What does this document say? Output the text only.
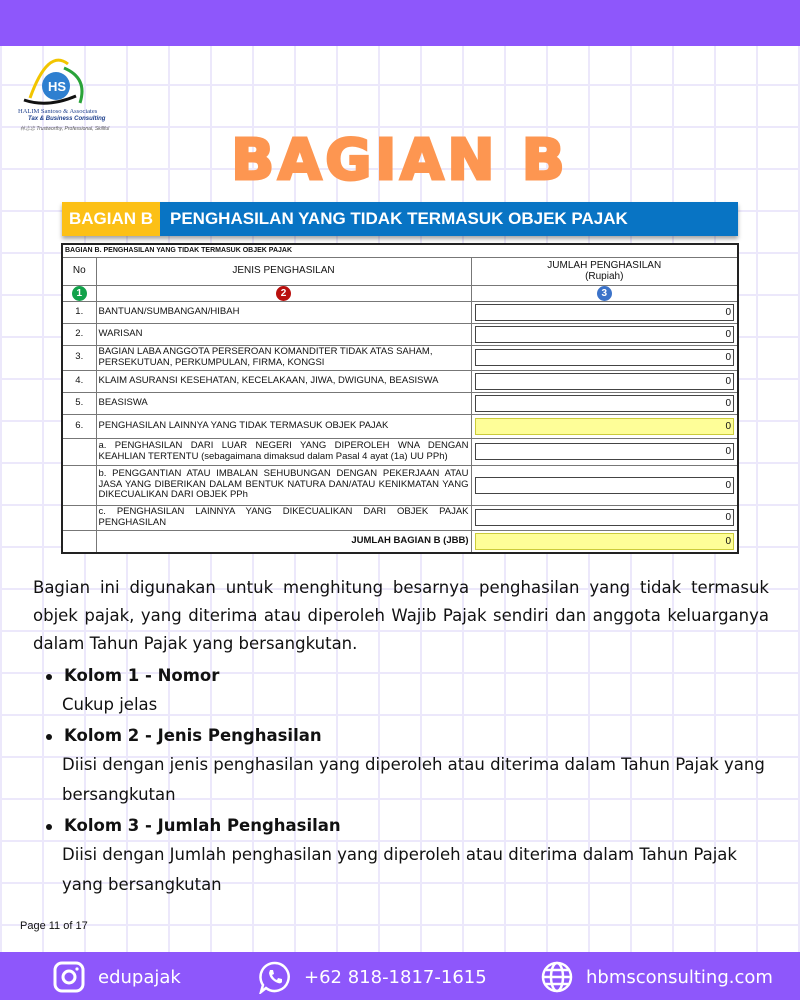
HS
HALIM Santoso & Associates
Tax & Business Consulting
林志忠 Trustworthy, Professional, Skillful	BAGIAN B
BAGIAN B PENGHASILAN YANG TIDAK TERMASUK OBJEK PAJAK
BAGIAN B. PENGHASILAN YANG TIDAK TERMASUK OBJEK PAJAK		
No	JENIS PENGHASILAN	JUMLAH PENGHASILAN
(Rupiah)
1	2	3
1.	BANTUAN/SUMBANGAN/HIBAH	0

2.	WARISAN	0

3.	BAGIAN LABA ANGGOTA PERSEROAN KOMANDITER TIDAK ATAS SAHAM, PERSEKUTUAN, PERKUMPULAN, FIRMA, KONGSI	0

4.	KLAIM ASURANSI KESEHATAN, KECELAKAAN, JIWA, DWIGUNA, BEASISWA	0

5.	BEASISWA	0

6.	PENGHASILAN LAINNYA YANG TIDAK TERMASUK OBJEK PAJAK	0

	a. PENGHASILAN DARI LUAR NEGERI YANG DIPEROLEH WNA DENGAN KEAHLIAN TERTENTU (sebagaimana dimaksud dalam Pasal 4 ayat (1a) UU PPh)	0

	b. PENGGANTIAN ATAU IMBALAN SEHUBUNGAN DENGAN PEKERJAAN ATAU JASA YANG DIBERIKAN DALAM BENTUK NATURA DAN/ATAU KENIKMATAN YANG DIKECUALIKAN DARI OBJEK PPh	0

	c. PENGHASILAN LAINNYA YANG DIKECUALIKAN DARI OBJEK PAJAK PENGHASILAN	0

	JUMLAH BAGIAN B (JBB)	0
Bagian ini digunakan untuk menghitung besarnya penghasilan yang tidak termasuk objek pajak, yang diterima atau diperoleh Wajib Pajak sendiri dan anggota keluarganya dalam Tahun Pajak yang bersangkutan.
Kolom 1 - Nomor
Cukup jelas
Kolom 2 - Jenis Penghasilan
Diisi dengan jenis penghasilan yang diperoleh atau diterima dalam Tahun Pajak yang bersangkutan
Kolom 3 - Jumlah Penghasilan
Diisi dengan Jumlah penghasilan yang diperoleh atau diterima dalam Tahun Pajak yang bersangkutan
Page 11 of 17
edupajak	+62 818-1817-1615	hbmsconsulting.com
